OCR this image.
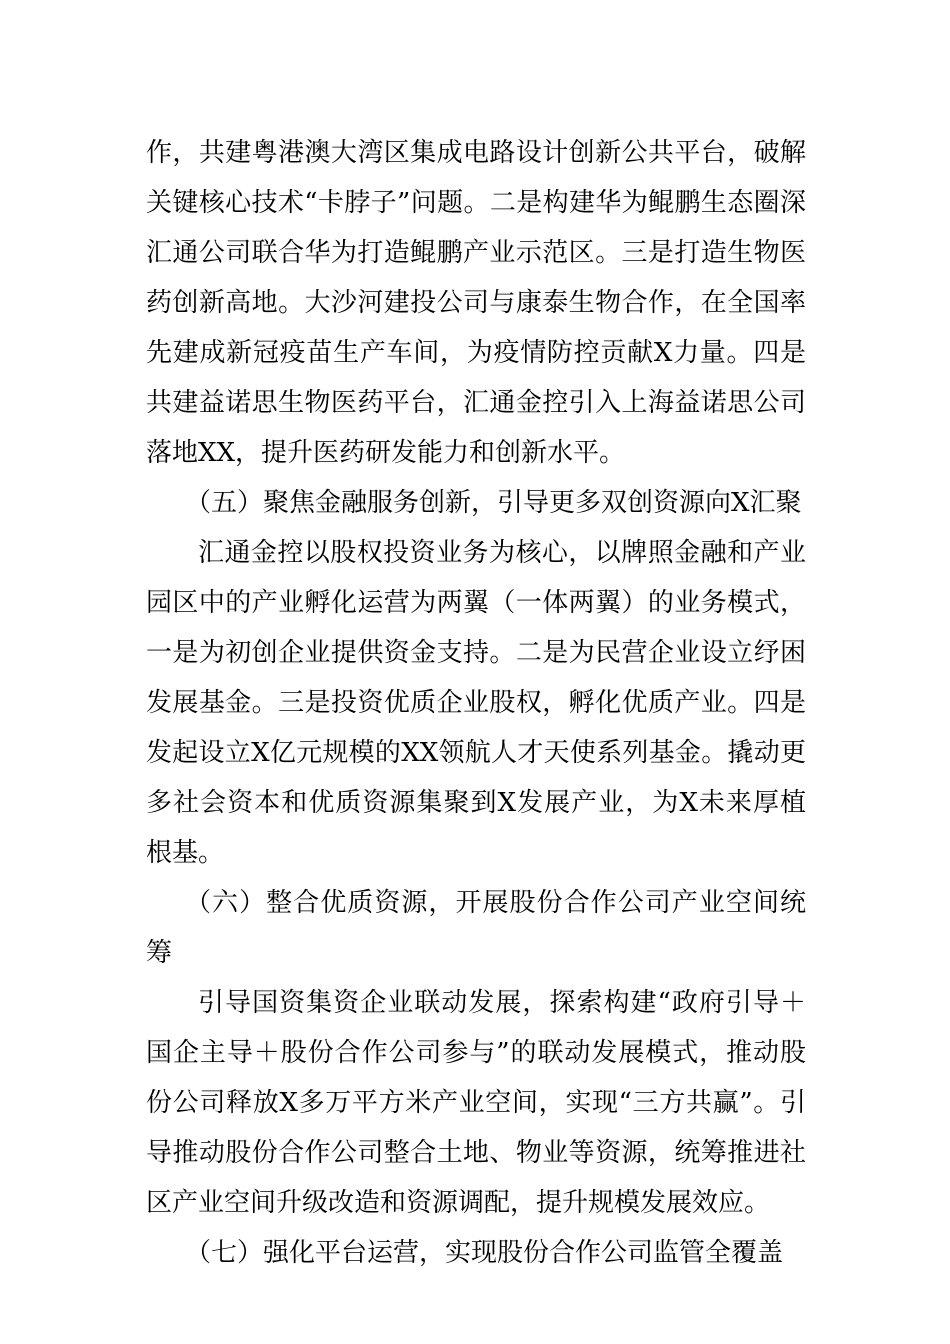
作，共建粤港澳大湾区集成电路设计创新公共平台，破解关键核心技术“卡脖子”问题。二是构建华为鲲鹏生态圈深汇通公司联合华为打造鲲鹏产业示范区。三是打造生物医药创新高地。大沙河建投公司与康泰生物合作，在全国率先建成新冠疫苗生产车间，为疫情防控贡献X力量。四是共建益诺思生物医药平台，汇通金控引入上海益诺思公司落地XX，提升医药研发能力和创新水平。

（五）聚焦金融服务创新，引导更多双创资源向X汇聚

汇通金控以股权投资业务为核心，以牌照金融和产业园区中的产业孵化运营为两翼（一体两翼）的业务模式，一是为初创企业提供资金支持。二是为民营企业设立纾困发展基金。三是投资优质企业股权，孵化优质产业。四是发起设立X亿元规模的XX领航人才天使系列基金。撬动更多社会资本和优质资源集聚到X发展产业，为X未来厚植根基。

（六）整合优质资源，开展股份合作公司产业空间统筹

引导国资集资企业联动发展，探索构建“政府引导＋国企主导＋股份合作公司参与”的联动发展模式，推动股份公司释放X多万平方米产业空间，实现“三方共赢”。引导推动股份合作公司整合土地、物业等资源，统筹推进社区产业空间升级改造和资源调配，提升规模发展效应。

（七）强化平台运营，实现股份合作公司监管全覆盖
